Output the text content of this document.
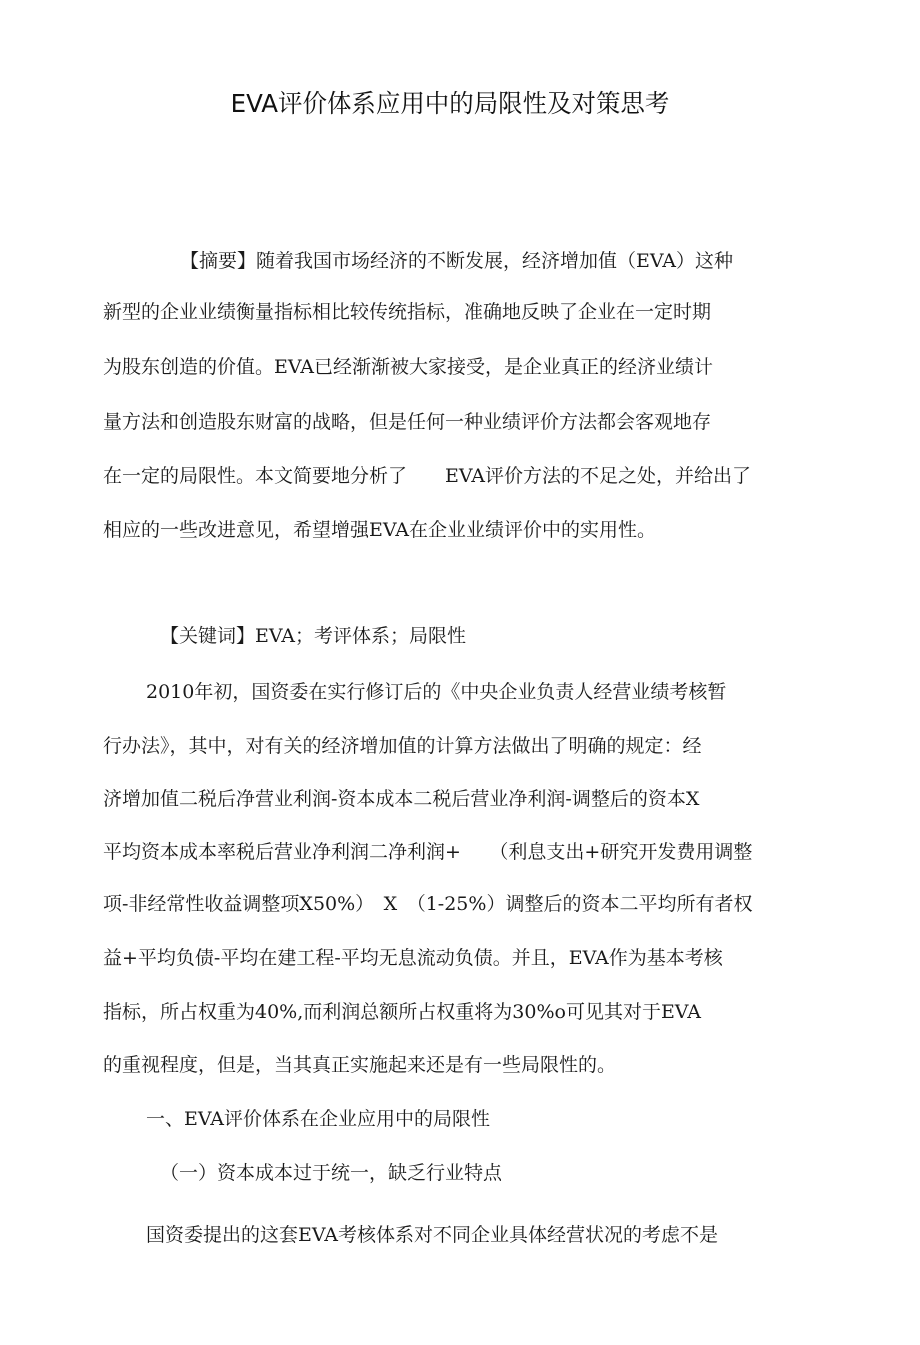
EVA评价体系应用中的局限性及对策思考
【摘要】随着我国市场经济的不断发展，经济增加值（EVA）这种
新型的企业业绩衡量指标相比较传统指标，准确地反映了企业在一定时期
为股东创造的价值。EVA已经渐渐被大家接受，是企业真正的经济业绩计
量方法和创造股东财富的战略，但是任何一种业绩评价方法都会客观地存
在一定的局限性。本文简要地分析了　　EVA评价方法的不足之处，并给出了
相应的一些改进意见，希望增强EVA在企业业绩评价中的实用性。
【关键词】EVA；考评体系；局限性
2010年初，国资委在实行修订后的《中央企业负责人经营业绩考核暂
行办法》，其中，对有关的经济增加值的计算方法做出了明确的规定：经
济增加值二税后净营业利润-资本成本二税后营业净利润-调整后的资本X
平均资本成本率税后营业净利润二净利润+　　（利息支出+研究开发费用调整
项-非经常性收益调整项X50%）　X　（1-25%）调整后的资本二平均所有者权
益+平均负债-平均在建工程-平均无息流动负债。并且，EVA作为基本考核
指标，所占权重为40%,而利润总额所占权重将为30%o可见其对于EVA
的重视程度，但是，当其真正实施起来还是有一些局限性的。
一、EVA评价体系在企业应用中的局限性
（一）资本成本过于统一，缺乏行业特点
国资委提出的这套EVA考核体系对不同企业具体经营状况的考虑不是
